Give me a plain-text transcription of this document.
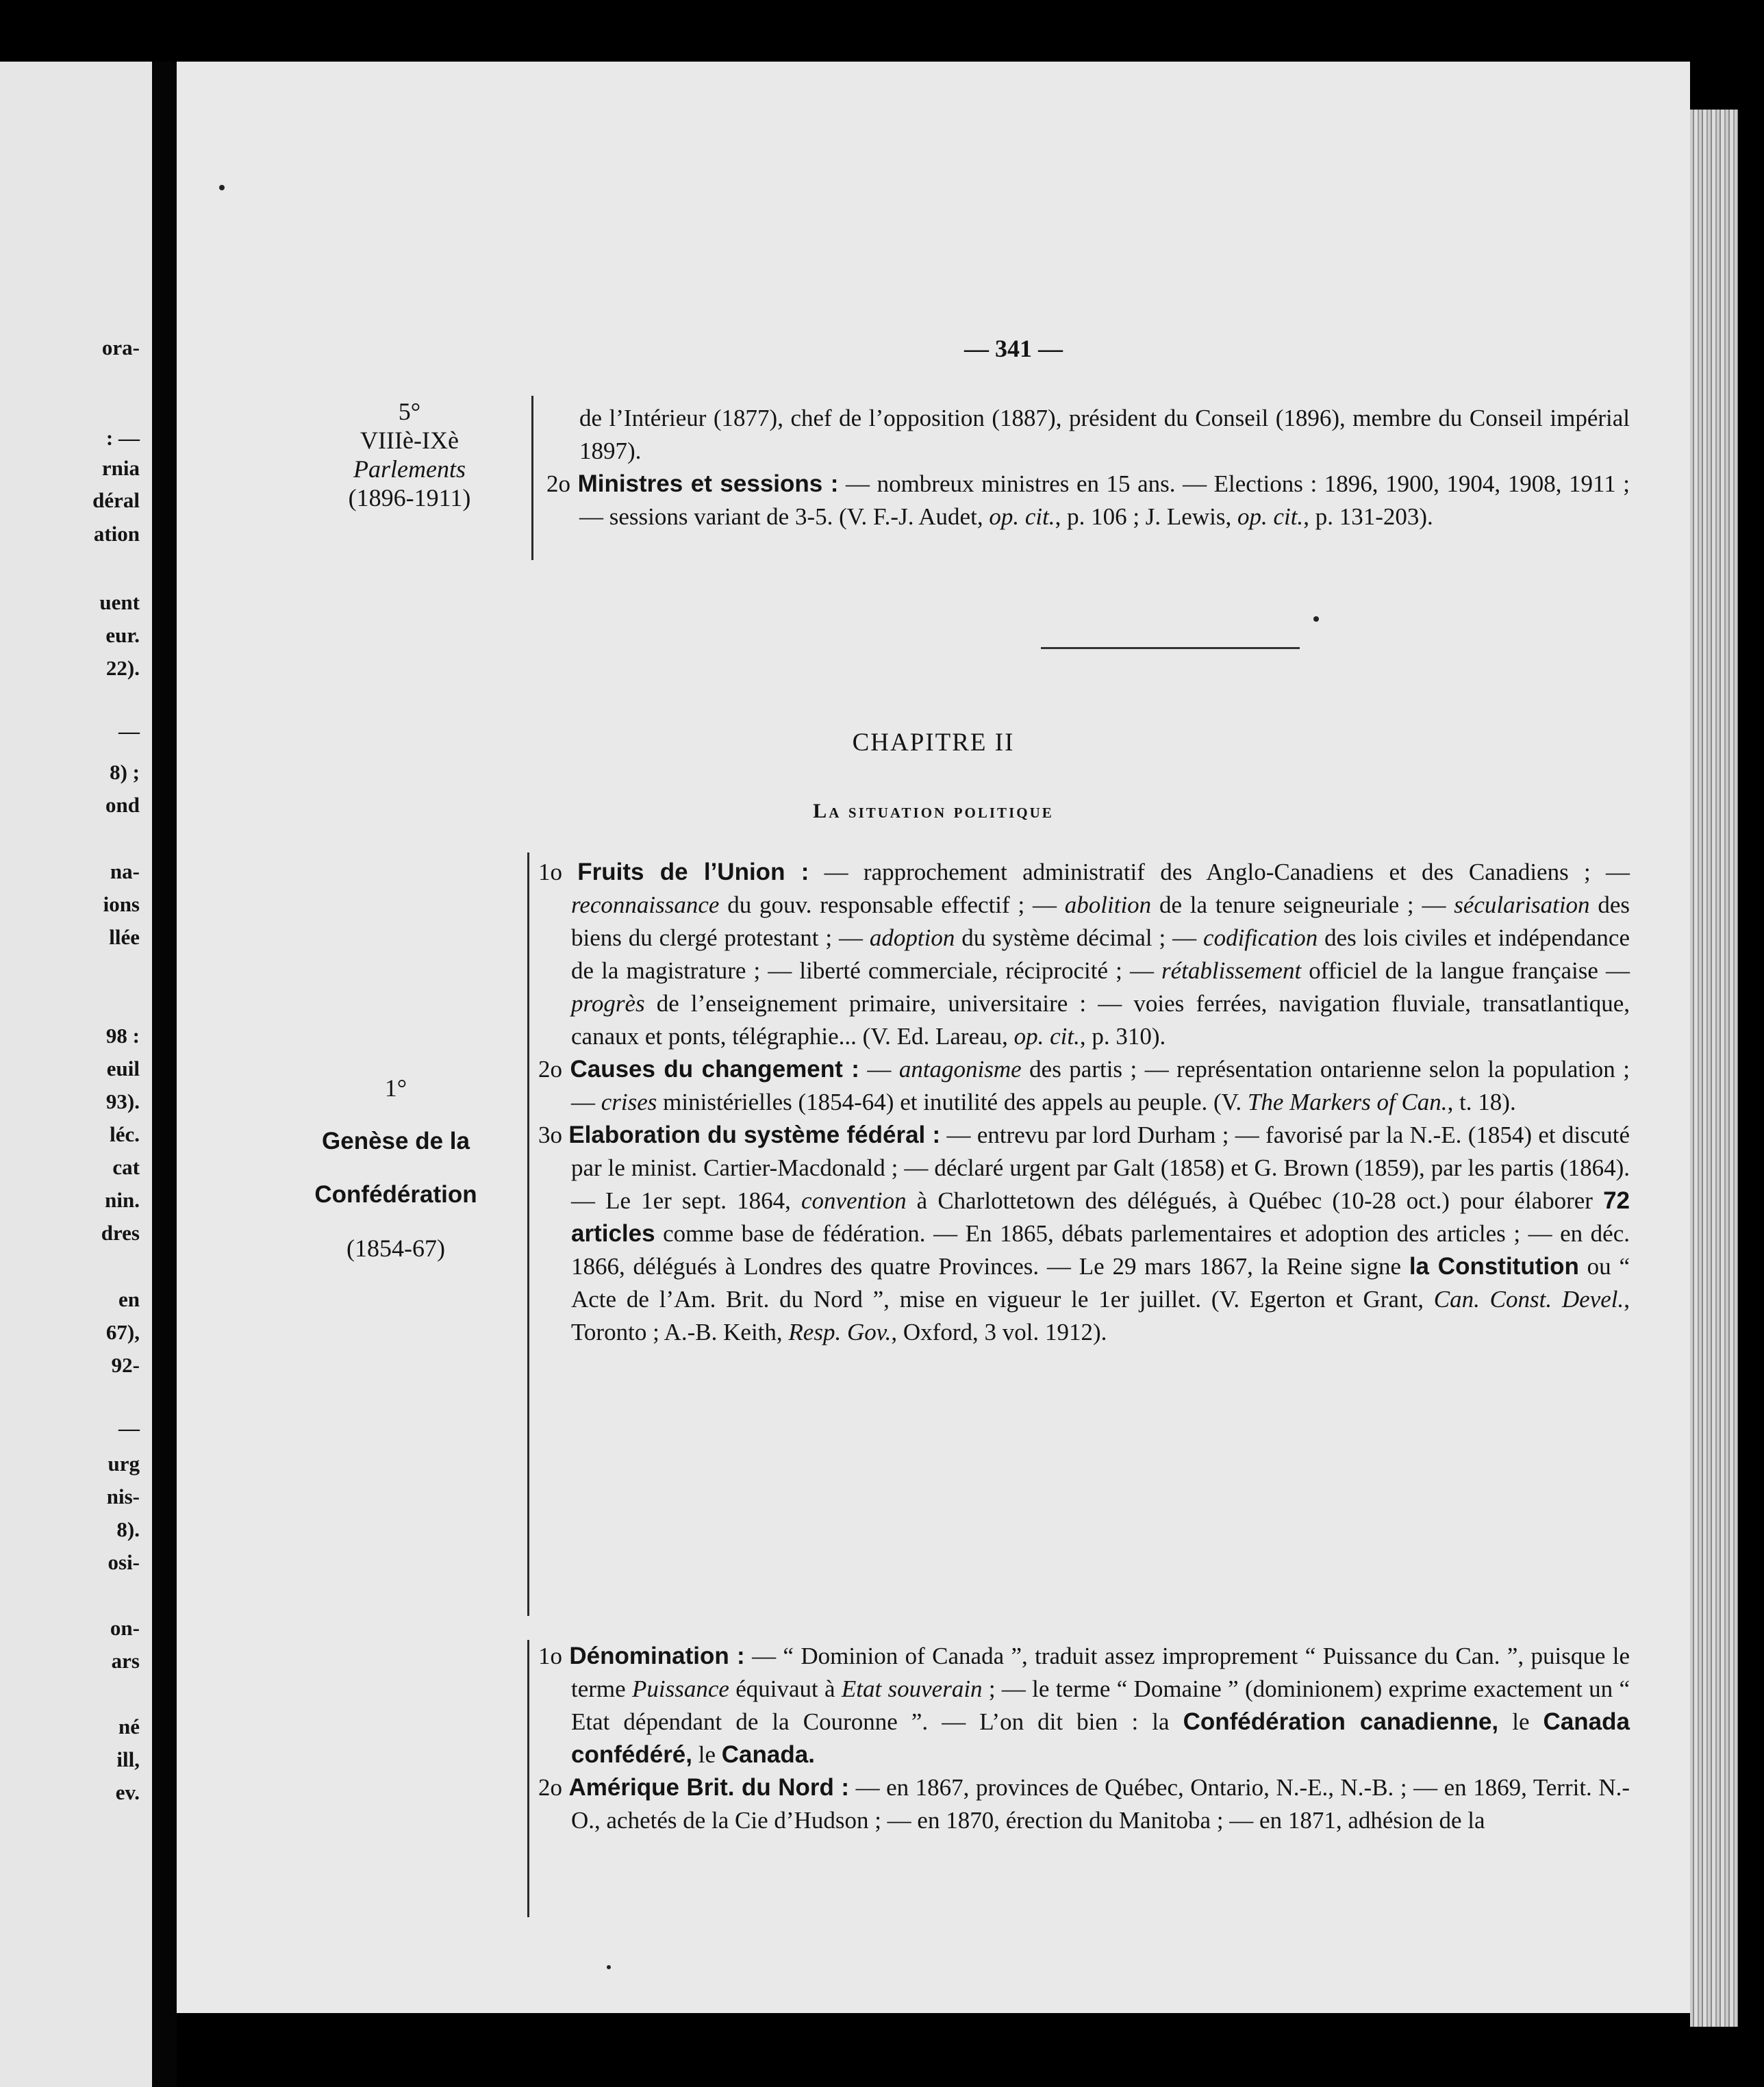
ora-
: —
rnia
déral
ation
uent
eur.
22).
—
8) ;
ond
na-
ions
llée
98 :
euil
93).
léc.
cat
nin.
dres
en
67),
92-
—
urg
nis-
8).
osi-
on-
ars
né
ill,
ev.
— 341 —
5°
VIIIè-IXè
Parlements
(1896-1911)

de l’Intérieur (1877), chef de l’opposition (1887), président du Conseil (1896), membre du Conseil impérial 1897).

2o Ministres et sessions : — nombreux ministres en 15 ans. — Elections : 1896, 1900, 1904, 1908, 1911 ; — sessions variant de 3-5. (V. F.-J. Audet, op. cit., p. 106 ; J. Lewis, op. cit., p. 131-203).

CHAPITRE II
La situation politique
1°
Genèse de la
Confédération
(1854-67)

1o Fruits de l’Union : — rapprochement administratif des Anglo-Canadiens et des Canadiens ; — reconnaissance du gouv. responsable effectif ; — abolition de la tenure seigneuriale ; — sécularisation des biens du clergé protestant ; — adoption du système décimal ; — codification des lois civiles et indépendance de la magistrature ; — liberté commerciale, réciprocité ; — rétablissement officiel de la langue française — progrès de l’enseignement primaire, universitaire : — voies ferrées, navigation fluviale, transatlantique, canaux et ponts, télégraphie... (V. Ed. Lareau, op. cit., p. 310).

2o Causes du changement : — antagonisme des partis ; — représentation ontarienne selon la population ; — crises ministérielles (1854-64) et inutilité des appels au peuple. (V. The Markers of Can., t. 18).

3o Elaboration du système fédéral : — entrevu par lord Durham ; — favorisé par la N.-E. (1854) et discuté par le minist. Cartier-Macdonald ; — déclaré urgent par Galt (1858) et G. Brown (1859), par les partis (1864). — Le 1er sept. 1864, convention à Charlottetown des délégués, à Québec (10-28 oct.) pour élaborer 72 articles comme base de fédération. — En 1865, débats parlementaires et adoption des articles ; — en déc. 1866, délégués à Londres des quatre Provinces. — Le 29 mars 1867, la Reine signe la Constitution ou “ Acte de l’Am. Brit. du Nord ”, mise en vigueur le 1er juillet. (V. Egerton et Grant, Can. Const. Devel., Toronto ; A.-B. Keith, Resp. Gov., Oxford, 3 vol. 1912).

1o Dénomination : — “ Dominion of Canada ”, traduit assez improprement “ Puissance du Can. ”, puisque le terme Puissance équivaut à Etat souverain ; — le terme “ Domaine ” (dominionem) exprime exactement un “ Etat dépendant de la Couronne ”. — L’on dit bien : la Confédération canadienne, le Canada confédéré, le Canada.

2o Amérique Brit. du Nord : — en 1867, provinces de Québec, Ontario, N.-E., N.-B. ; — en 1869, Territ. N.-O., achetés de la Cie d’Hudson ; — en 1870, érection du Manitoba ; — en 1871, adhésion de la
